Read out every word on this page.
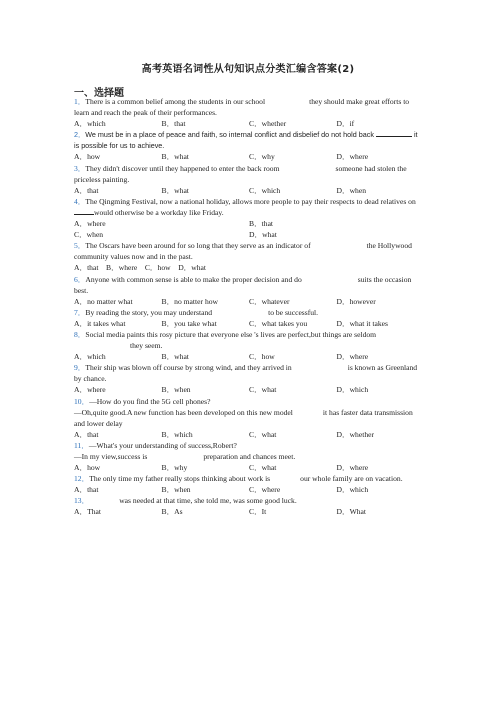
高考英语名词性从句知识点分类汇编含答案(2)
一、选择题

1．There is a common belief among the students in our school	they should make great efforts to learn and reach the peak of their performances.

A．which	B．that	C．whether	D．if

2．We must be in a place of peace and faith, so internal conflict and disbelief do not hold back	it is possible for us to achieve.

A．how	B．what	C．why	D．where

3．They didn't discover until they happened to enter the back room	someone had stolen the priceless painting.

A．that	B．what	C．which	D．when

4．The Qingming Festival, now a national holiday, allows more people to pay their respects to dead relatives onwould otherwise be a workday like Friday.

A．where	B．that
C．when	D．what

5．The Oscars have been around for so long that they serve as an indicator of	the Hollywood community values now and in the past.

A．that    B．where    C．how    D．what

6．Anyone with common sense is able to make the proper decision and do	suits the occasion best.

A．no matter what	B．no matter how	C．whatever	D．however

7．By reading the story, you may understand	to be successful.

A．it takes what	B．you take what	C．what takes you	D．what it takes

8．Social media paints this rosy picture that everyone else 's lives are perfect,but things are seldomthey seem.

A．which	B．what	C．how	D．where

9．Their ship was blown off course by strong wind, and they arrived in	is known as Greenland by chance.

A．where	B．when	C．what	D．which

10．—How do you find the 5G cell phones?

—Oh,quite good.A new function has been developed on this new model	it has faster data transmission and lower delay

A．that	B．which	C．what	D．whether

11．—What's your understanding of success,Robert?

—In my view,success is	preparation and chances meet.

A．how	B．why	C．what	D．where

12．The only time my father really stops thinking about work is	our whole family are on vacation.

A．that	B．when	C．where	D．which

13．	was needed at that time, she told me, was some good luck.

A．That	B．As	C．It	D．What
